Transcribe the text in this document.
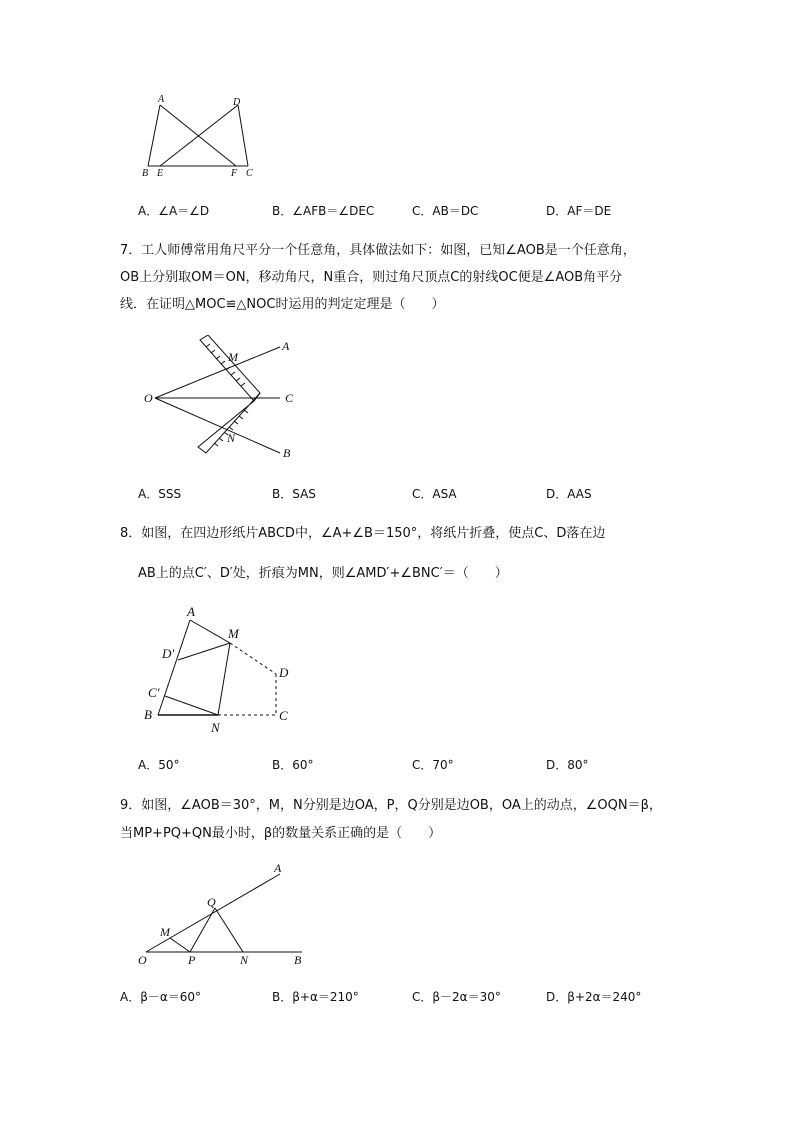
A	D
B E	F C
A．∠A＝∠D	B．∠AFB＝∠DEC	C．AB＝DC	D．AF＝DE
7．工人师傅常用角尺平分一个任意角，具体做法如下：如图，已知∠AOB是一个任意角，
OB上分别取OM＝ON，移动角尺，N重合，则过角尺顶点C的射线OC便是∠AOB角平分
线．在证明△MOC≌△NOC时运用的判定定理是（　　）
O
M
A
C
N
B
A．SSS	B．SAS	C．ASA	D．AAS
8．如图，在四边形纸片ABCD中，∠A+∠B＝150°，将纸片折叠，使点C、D落在边
AB上的点C′、D′处，折痕为MN，则∠AMD′+∠BNC′＝（　　）
A
M
D′
D
C′
B
N
C
A．50°	B．60°	C．70°	D．80°
9．如图，∠AOB＝30°，M，N分别是边OA，P，Q分别是边OB，OA上的动点，∠OQN＝β，
当MP+PQ+QN最小时，β的数量关系正确的是（　　）
A
Q
M
O	P	N	B
A．β－α＝60°	B．β+α＝210°	C．β－2α＝30°	D．β+2α＝240°
